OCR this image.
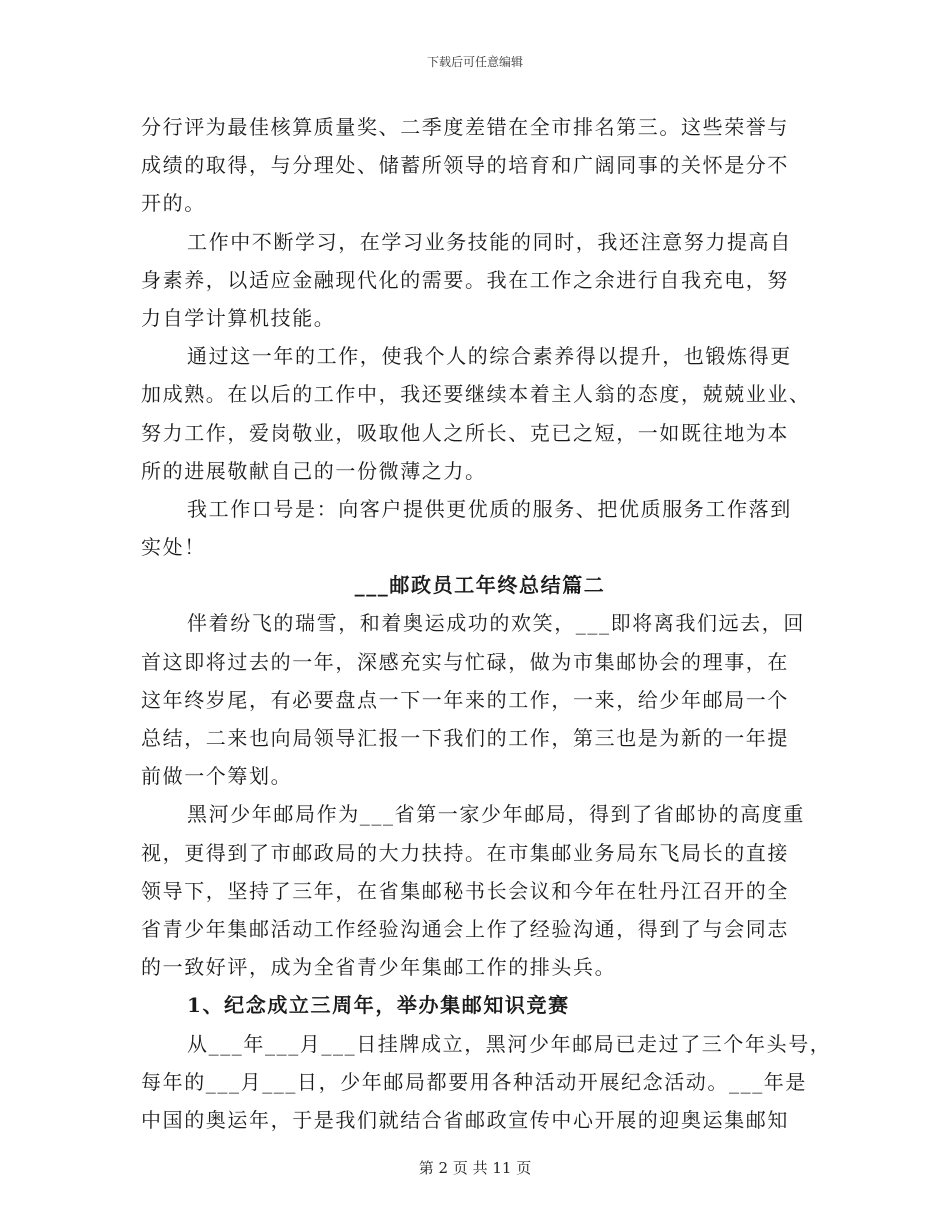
下载后可任意编辑
分行评为最佳核算质量奖、二季度差错在全市排名第三。这些荣誉与
成绩的取得，与分理处、储蓄所领导的培育和广阔同事的关怀是分不
开的。
工作中不断学习，在学习业务技能的同时，我还注意努力提高自
身素养，以适应金融现代化的需要。我在工作之余进行自我充电，努
力自学计算机技能。
通过这一年的工作，使我个人的综合素养得以提升，也锻炼得更
加成熟。在以后的工作中，我还要继续本着主人翁的态度，兢兢业业、
努力工作，爱岗敬业，吸取他人之所长、克已之短，一如既往地为本
所的进展敬献自己的一份微薄之力。
我工作口号是：向客户提供更优质的服务、把优质服务工作落到
实处！
___邮政员工年终总结篇二
伴着纷飞的瑞雪，和着奥运成功的欢笑，___即将离我们远去，回
首这即将过去的一年，深感充实与忙碌，做为市集邮协会的理事，在
这年终岁尾，有必要盘点一下一年来的工作，一来，给少年邮局一个
总结，二来也向局领导汇报一下我们的工作，第三也是为新的一年提
前做一个筹划。
黑河少年邮局作为___省第一家少年邮局，得到了省邮协的高度重
视，更得到了市邮政局的大力扶持。在市集邮业务局东飞局长的直接
领导下，坚持了三年，在省集邮秘书长会议和今年在牡丹江召开的全
省青少年集邮活动工作经验沟通会上作了经验沟通，得到了与会同志
的一致好评，成为全省青少年集邮工作的排头兵。
1、纪念成立三周年，举办集邮知识竞赛
从___年___月___日挂牌成立，黑河少年邮局已走过了三个年头号，
每年的___月___日，少年邮局都要用各种活动开展纪念活动。___年是
中国的奥运年，于是我们就结合省邮政宣传中心开展的迎奥运集邮知
第 2 页 共 11 页
